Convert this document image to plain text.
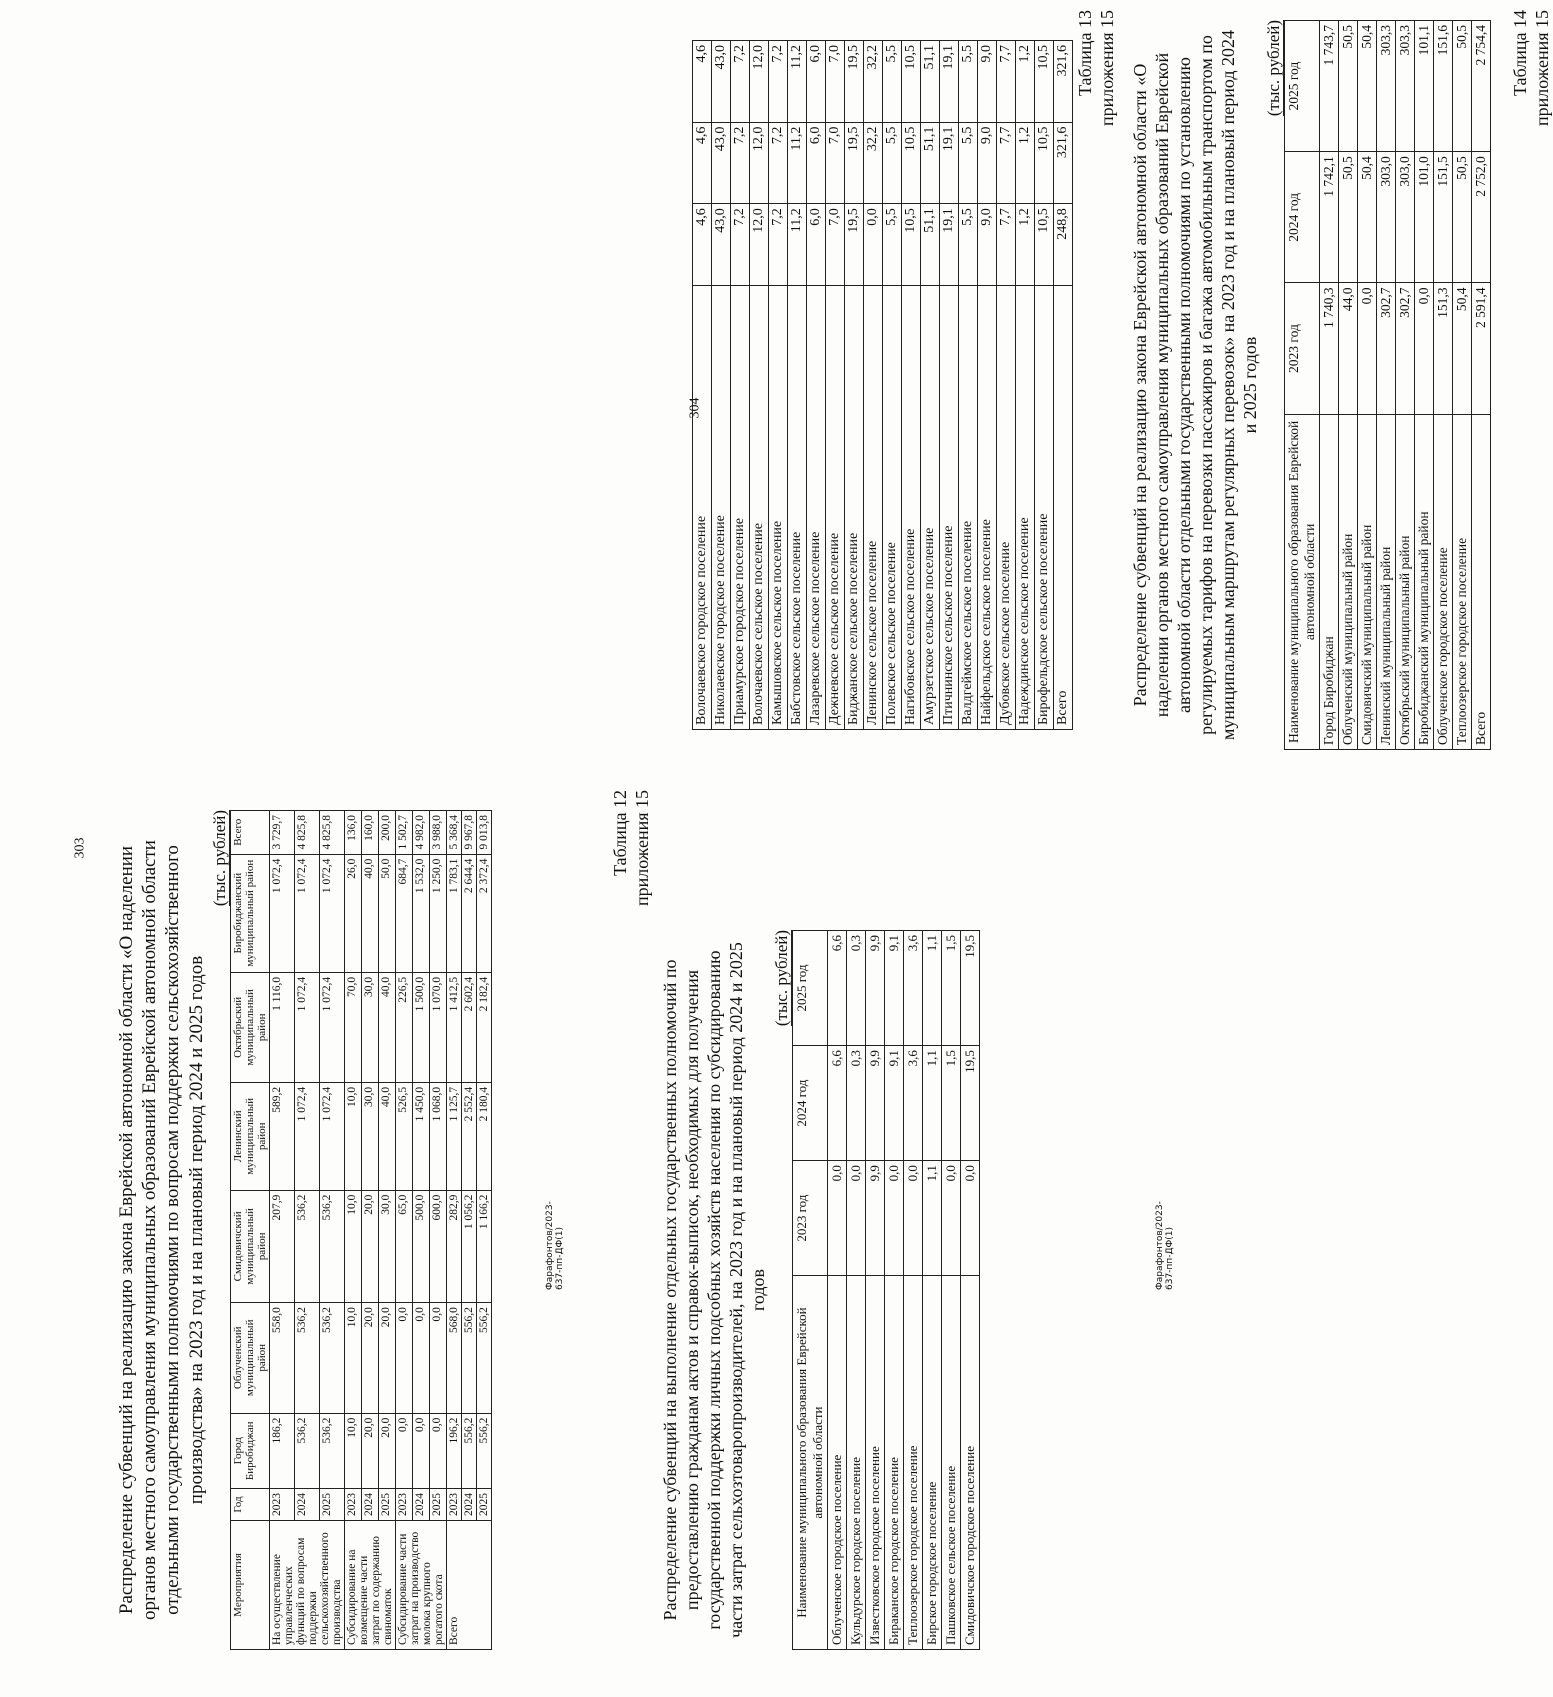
303 Распределение субвенций на реализацию закона Еврейской автономной области «О наделении органов местного самоуправления муниципальных образований Еврейской автономной области отдельными государственными полномочиями по вопросам поддержки сельскохозяйственного производства» на 2023 год и на плановый период 2024 и 2025 годов

(тыс. рублей)
Мероприятия	Год	Город Биробиджан	Облученский муниципальный район	Смидовичский муниципальный район	Ленинский муниципальный район	Октябрьский муниципальный район	Биробиджанский муниципальный район	Всего
На осуществление управленческих функций по вопросам поддержки сельскохозяйственного производства	2023	186,2	558,0	207,9	589,2	1 116,0	1 072,4	3 729,7
	2024	536,2	536,2	536,2	1 072,4	1 072,4	1 072,4	4 825,8
	2025	536,2	536,2	536,2	1 072,4	1 072,4	1 072,4	4 825,8
Субсидирование на возмещение части затрат по содержанию свиноматок	2023	10,0	10,0	10,0	10,0	70,0	26,0	136,0
	2024	20,0	20,0	20,0	30,0	30,0	40,0	160,0
	2025	20,0	20,0	30,0	40,0	40,0	50,0	200,0
Субсидирование части затрат на производство молока крупного рогатого скота	2023	0,0	0,0	65,0	526,5	226,5	684,7	1 502,7
	2024	0,0	0,0	500,0	1 450,0	1 500,0	1 532,0	4 982,0
	2025	0,0	0,0	600,0	1 068,0	1 070,0	1 250,0	3 988,0
Всего	2023	196,2	568,0	282,9	1 125,7	1 412,5	1 783,1	5 368,4
	2024	556,2	556,2	1 056,2	2 552,4	2 602,4	2 644,4	9 967,8
	2025	556,2	556,2	1 166,2	2 180,4	2 182,4	2 372,4	9 013,8	Таблица 12 приложения 15

Распределение субвенций на выполнение отдельных государственных полномочий по предоставлению гражданам актов и справок-выписок, необходимых для получения государственной поддержки личных подсобных хозяйств населения по субсидированию части затрат сельхозтоваропроизводителей, на 2023 год и на плановый период 2024 и 2025 годов

(тыс. рублей)
Наименование муниципального образования Еврейской автономной области	2023 год	2024 год	2025 год
Облученское городское поселение	0,0	6,6	6,6
Кульдурское городское поселение	0,0	0,3	0,3
Известковское городское поселение	9,9	9,9	9,9
Бираканское городское поселение	0,0	9,1	9,1
Теплоозерское городское поселение	0,0	3,6	3,6
Бирское городское поселение	1,1	1,1	1,1
Пашковское сельское поселение	0,0	1,5	1,5
Смидовичское городское поселение	0,0	19,5	19,5
Фарафонтов/2023-637-пп-ДФ(1)
304
Волочаевское городское поселение	4,6	4,6	4,6
Николаевское городское поселение	43,0	43,0	43,0
Приамурское городское поселение	7,2	7,2	7,2
Волочаевское сельское поселение	12,0	12,0	12,0
Камышовское сельское поселение	7,2	7,2	7,2
Бабстовское сельское поселение	11,2	11,2	11,2
Лазаревское сельское поселение	6,0	6,0	6,0
Дежневское сельское поселение	7,0	7,0	7,0
Биджанское сельское поселение	19,5	19,5	19,5
Ленинское сельское поселение	0,0	32,2	32,2
Полевское сельское поселение	5,5	5,5	5,5
Нагибовское сельское поселение	10,5	10,5	10,5
Амурзетское сельское поселение	51,1	51,1	51,1
Птичнинское сельское поселение	19,1	19,1	19,1
Валдгеймское сельское поселение	5,5	5,5	5,5
Найфельдское сельское поселение	9,0	9,0	9,0
Дубовское сельское поселение	7,7	7,7	7,7
Надеждинское сельское поселение	1,2	1,2	1,2
Бирофельдское сельское поселение	10,5	10,5	10,5
Всего	248,8	321,6	321,6 Таблица 13 приложения 15 Распределение субвенций на реализацию закона Еврейской автономной области «О наделении органов местного самоуправления муниципальных образований Еврейской автономной области отдельными государственными полномочиями по установлению регулируемых тарифов на перевозки пассажиров и багажа автомобильным транспортом по муниципальным маршрутам регулярных перевозок» на 2023 год и на плановый период 2024 и 2025 годов

(тыс. рублей)
Наименование муниципального образования Еврейской автономной области	2023 год	2024 год	2025 год
Город Биробиджан	1 740,3	1 742,1	1 743,7
Облученский муниципальный район	44,0	50,5	50,5
Смидовичский муниципальный район	0,0	50,4	50,4
Ленинский муниципальный район	302,7	303,0	303,3
Октябрьский муниципальный район	302,7	303,0	303,3
Биробиджанский муниципальный район	0,0	101,0	101,1
Облученское городское поселение	151,3	151,5	151,6
Теплоозерское городское поселение	50,4	50,5	50,5
Всего	2 591,4	2 752,0	2 754,4 Таблица 14 приложения 15
Фарафонтов/2023-637-пп-ДФ(1)
